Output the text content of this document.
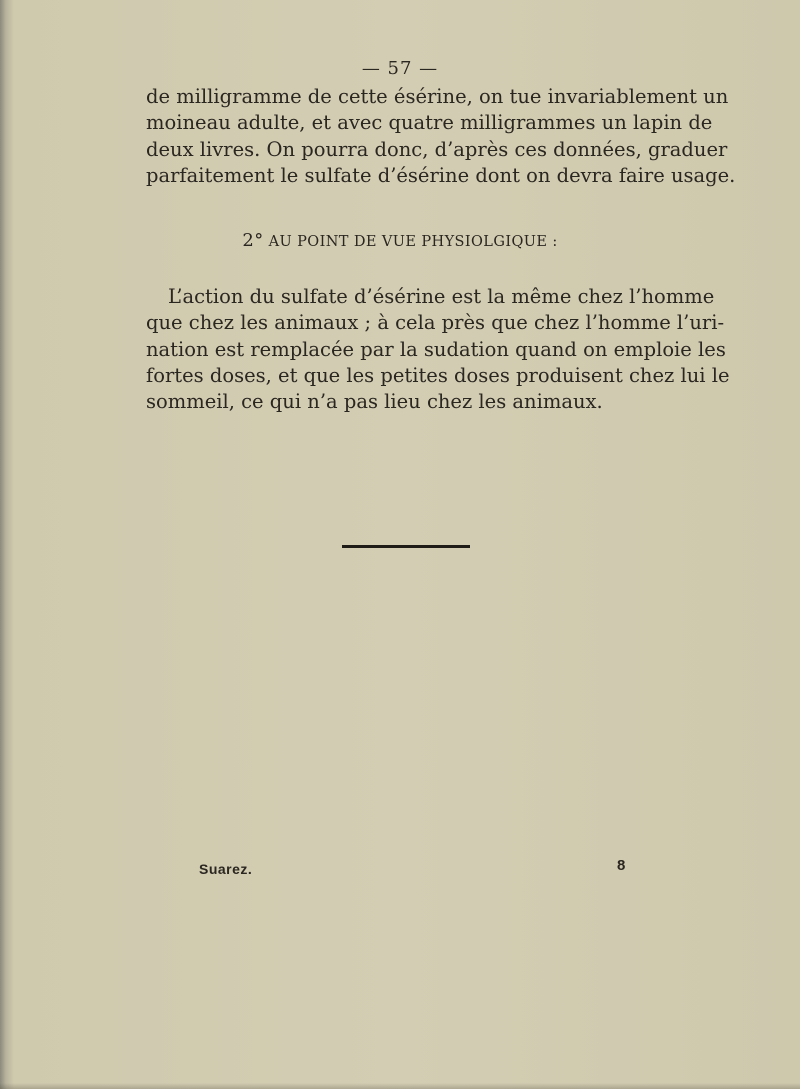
— 57 —
de milligramme de cette ésérine, on tue invariablement un
moineau adulte, et avec quatre milligrammes un lapin de
deux livres. On pourra donc, d’après ces données, graduer
parfaitement le sulfate d’ésérine dont on devra faire usage.
2° AU POINT DE VUE PHYSIOLGIQUE :
L’action du sulfate d’ésérine est la même chez l’homme
que chez les animaux ; à cela près que chez l’homme l’uri-
nation est remplacée par la sudation quand on emploie les
fortes doses, et que les petites doses produisent chez lui le
sommeil, ce qui n’a pas lieu chez les animaux.
Suarez.	8
